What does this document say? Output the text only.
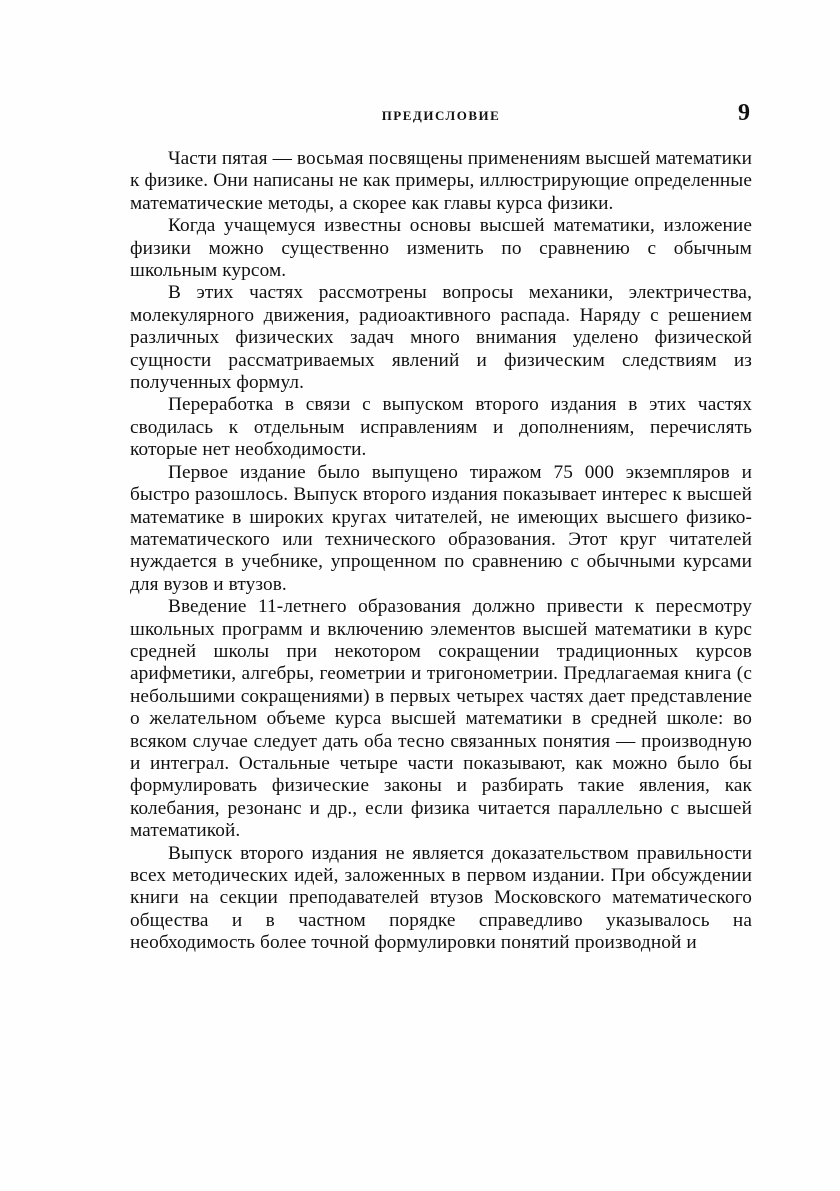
ПРЕДИСЛОВИЕ	9

Части пятая — восьмая посвящены применениям высшей математики к физике. Они написаны не как примеры, иллюстрирующие определенные математические методы, а скорее как главы курса физики.

Когда учащемуся известны основы высшей математики, изложение физики можно существенно изменить по сравнению с обычным школьным курсом.

В этих частях рассмотрены вопросы механики, электричества, молекулярного движения, радиоактивного распада. Наряду с решением различных физических задач много внимания уделено физической сущности рассматриваемых явлений и физическим следствиям из полученных формул.

Переработка в связи с выпуском второго издания в этих частях сводилась к отдельным исправлениям и дополнениям, перечислять которые нет необходимости.

Первое издание было выпущено тиражом 75 000 экземпляров и быстро разошлось. Выпуск второго издания показывает интерес к высшей математике в широких кругах читателей, не имеющих высшего физико-математического или технического образования. Этот круг читателей нуждается в учебнике, упрощенном по сравнению с обычными курсами для вузов и втузов.

Введение 11-летнего образования должно привести к пересмотру школьных программ и включению элементов высшей математики в курс средней школы при некотором сокращении традиционных курсов арифметики, алгебры, геометрии и тригонометрии. Предлагаемая книга (с небольшими сокращениями) в первых четырех частях дает представление о желательном объеме курса высшей математики в средней школе: во всяком случае следует дать оба тесно связанных понятия — производную и интеграл. Остальные четыре части показывают, как можно было бы формулировать физические законы и разбирать такие явления, как колебания, резонанс и др., если физика читается параллельно с высшей математикой.

Выпуск второго издания не является доказательством правильности всех методических идей, заложенных в первом издании. При обсуждении книги на секции преподавателей втузов Московского математического общества и в частном порядке справедливо указывалось на необходимость более точной формулировки понятий производной и
